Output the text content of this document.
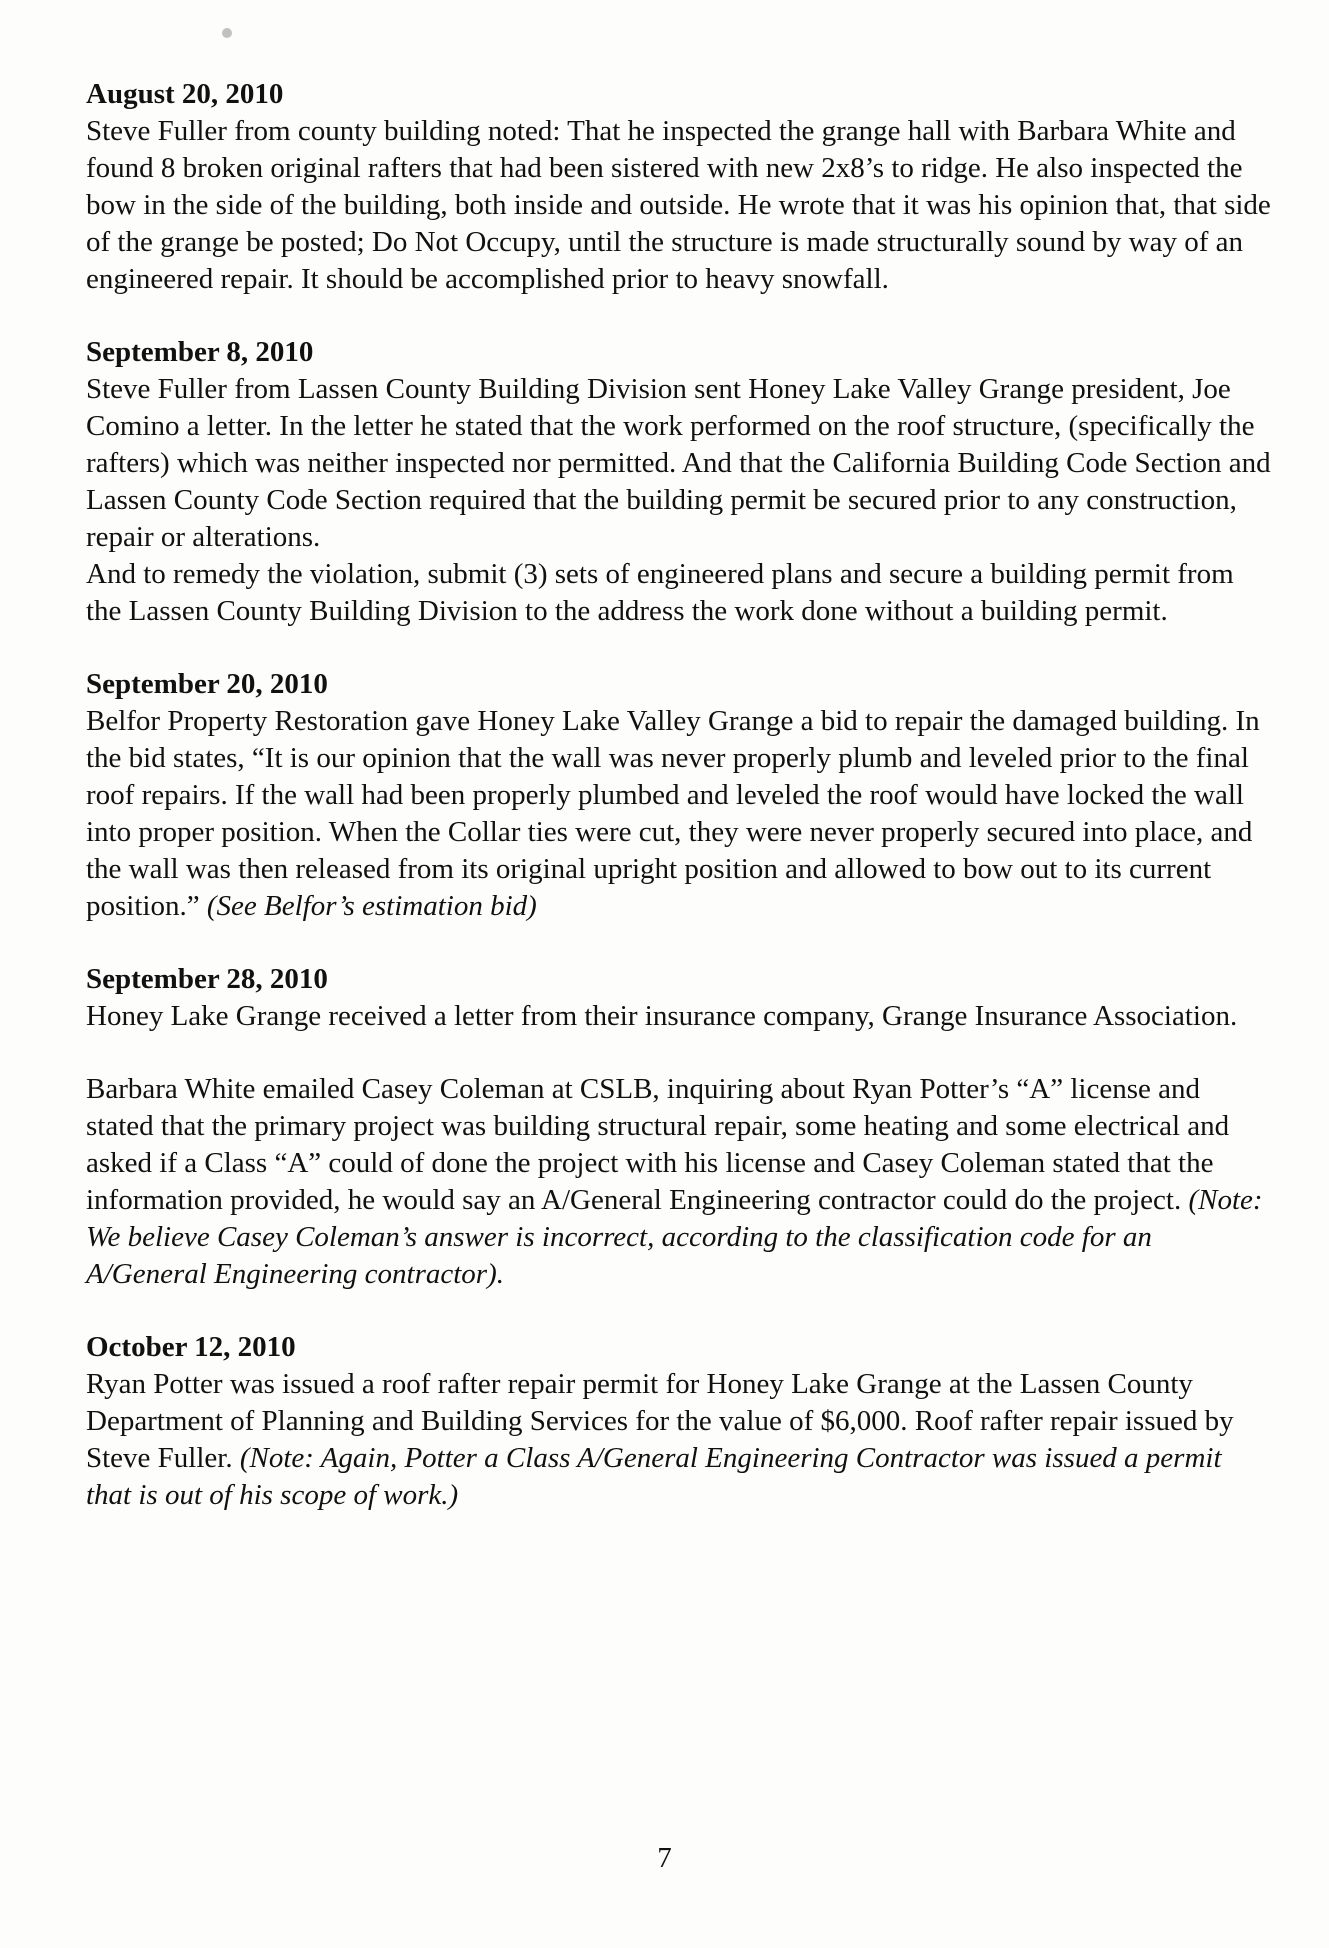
August 20, 2010

Steve Fuller from county building noted: That he inspected the grange hall with Barbara White and found 8 broken original rafters that had been sistered with new 2x8’s to ridge. He also inspected the bow in the side of the building, both inside and outside. He wrote that it was his opinion that, that side of the grange be posted; Do Not Occupy, until the structure is made structurally sound by way of an engineered repair. It should be accomplished prior to heavy snowfall.

September 8, 2010

Steve Fuller from Lassen County Building Division sent Honey Lake Valley Grange president, Joe Comino a letter. In the letter he stated that the work performed on the roof structure, (specifically the rafters) which was neither inspected nor permitted. And that the California Building Code Section and Lassen County Code Section required that the building permit be secured prior to any construction, repair or alterations.

And to remedy the violation, submit (3) sets of engineered plans and secure a building permit from the Lassen County Building Division to the address the work done without a building permit.

September 20, 2010

Belfor Property Restoration gave Honey Lake Valley Grange a bid to repair the damaged building. In the bid states, “It is our opinion that the wall was never properly plumb and leveled prior to the final roof repairs. If the wall had been properly plumbed and leveled the roof would have locked the wall into proper position. When the Collar ties were cut, they were never properly secured into place, and the wall was then released from its original upright position and allowed to bow out to its current position.” (See Belfor’s estimation bid)

September 28, 2010

Honey Lake Grange received a letter from their insurance company, Grange Insurance Association.

Barbara White emailed Casey Coleman at CSLB, inquiring about Ryan Potter’s “A” license and stated that the primary project was building structural repair, some heating and some electrical and asked if a Class “A” could of done the project with his license and Casey Coleman stated that the information provided, he would say an A/General Engineering contractor could do the project. (Note: We believe Casey Coleman’s answer is incorrect, according to the classification code for an A/General Engineering contractor).

October 12, 2010

Ryan Potter was issued a roof rafter repair permit for Honey Lake Grange at the Lassen County Department of Planning and Building Services for the value of $6,000. Roof rafter repair issued by Steve Fuller. (Note: Again, Potter a Class A/General Engineering Contractor was issued a permit that is out of his scope of work.)

7
